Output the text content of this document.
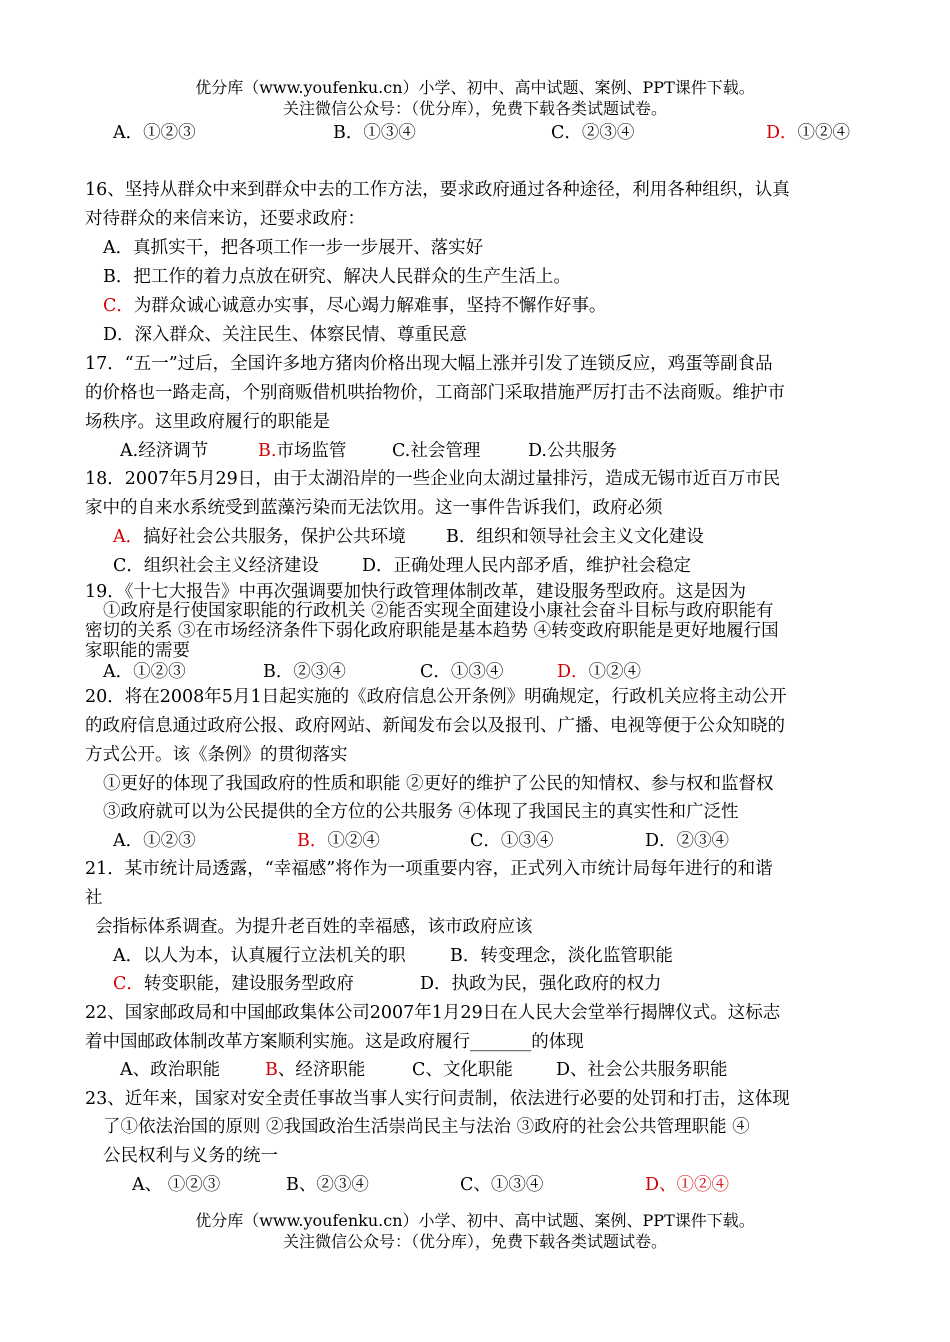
优分库（www.youfenku.cn）小学、初中、高中试题、案例、PPT课件下载。
关注微信公众号：（优分库），免费下载各类试题试卷。
A．①②③	B．①③④	C．②③④	D．①②④
16、坚持从群众中来到群众中去的工作方法，要求政府通过各种途径，利用各种组织，认真
对待群众的来信来访，还要求政府：
A．真抓实干，把各项工作一步一步展开、落实好
B．把工作的着力点放在研究、解决人民群众的生产生活上。
C．为群众诚心诚意办实事，尽心竭力解难事，坚持不懈作好事。
D．深入群众、关注民生、体察民情、尊重民意
17．“五一”过后，全国许多地方猪肉价格出现大幅上涨并引发了连锁反应，鸡蛋等副食品
的价格也一路走高，个别商贩借机哄抬物价，工商部门采取措施严厉打击不法商贩。维护市
场秩序。这里政府履行的职能是
A.经济调节	B.市场监管	C.社会管理	D.公共服务
18．2007年5月29日，由于太湖沿岸的一些企业向太湖过量排污，造成无锡市近百万市民
家中的自来水系统受到蓝藻污染而无法饮用。这一事件告诉我们，政府必须
A．搞好社会公共服务，保护公共环境 B．组织和领导社会主义文化建设
C．组织社会主义经济建设 D．正确处理人民内部矛盾，维护社会稳定
19．《十七大报告》中再次强调要加快行政管理体制改革，建设服务型政府。这是因为
①政府是行使国家职能的行政机关 ②能否实现全面建设小康社会奋斗目标与政府职能有
密切的关系 ③在市场经济条件下弱化政府职能是基本趋势 ④转变政府职能是更好地履行国
家职能的需要
A．①②③	B．②③④	C．①③④	D．①②④
20．将在2008年5月1日起实施的《政府信息公开条例》明确规定，行政机关应将主动公开
的政府信息通过政府公报、政府网站、新闻发布会以及报刊、广播、电视等便于公众知晓的
方式公开。该《条例》的贯彻落实
①更好的体现了我国政府的性质和职能 ②更好的维护了公民的知情权、参与权和监督权
③政府就可以为公民提供的全方位的公共服务 ④体现了我国民主的真实性和广泛性
A．①②③	B．①②④	C．①③④	D．②③④
21．某市统计局透露，“幸福感”将作为一项重要内容，正式列入市统计局每年进行的和谐
社
会指标体系调查。为提升老百姓的幸福感，该市政府应该
A．以人为本，认真履行立法机关的职	B．转变理念，淡化监管职能
C．转变职能，建设服务型政府	D．执政为民，强化政府的权力
22、国家邮政局和中国邮政集体公司2007年1月29日在人民大会堂举行揭牌仪式。这标志
着中国邮政体制改革方案顺利实施。这是政府履行_______的体现
A、政治职能	B、经济职能	C、文化职能 D、社会公共服务职能
23、近年来，国家对安全责任事故当事人实行问责制，依法进行必要的处罚和打击，这体现
了①依法治国的原则 ②我国政治生活崇尚民主与法治 ③政府的社会公共管理职能 ④
公民权利与义务的统一
A、 ①②③	B、②③④	C、①③④	D、①②④
优分库（www.youfenku.cn）小学、初中、高中试题、案例、PPT课件下载。
关注微信公众号：（优分库），免费下载各类试题试卷。
